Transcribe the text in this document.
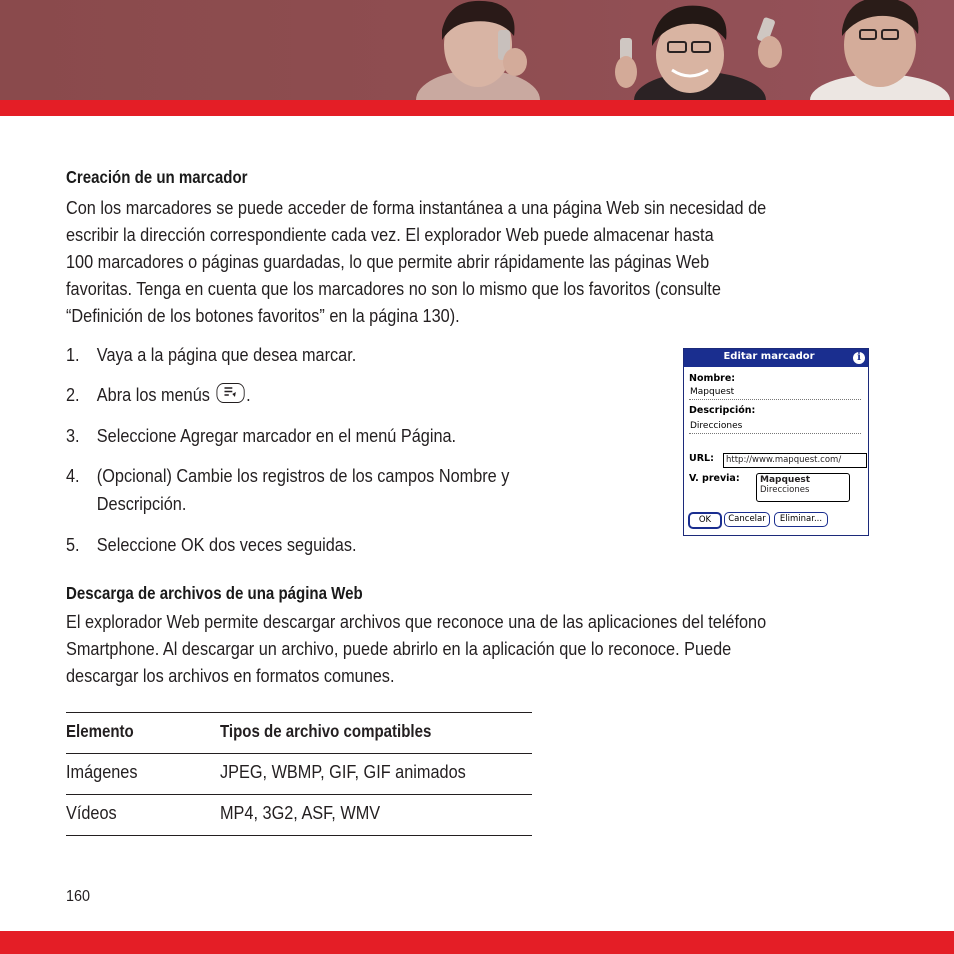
Creación de un marcador
Con los marcadores se puede acceder de forma instantánea a una página Web sin necesidad de
escribir la dirección correspondiente cada vez. El explorador Web puede almacenar hasta
100 marcadores o páginas guardadas, lo que permite abrir rápidamente las páginas Web
favoritas. Tenga en cuenta que los marcadores no son lo mismo que los favoritos (consulte
“Definición de los botones favoritos” en la página 130).
1. Vaya a la página que desea marcar.
2. Abra los menús .
3. Seleccione Agregar marcador en el menú Página.
4. (Opcional) Cambie los registros de los campos Nombre y
Descripción.
5. Seleccione OK dos veces seguidas.
Editar marcador	i
Nombre:
Mapquest
Descripción:
Direcciones
URL:	http://www.mapquest.com/
V. previa: Mapquest
Direcciones
OK	Cancelar	Eliminar...
Descarga de archivos de una página Web
El explorador Web permite descargar archivos que reconoce una de las aplicaciones del teléfono
Smartphone. Al descargar un archivo, puede abrirlo en la aplicación que lo reconoce. Puede
descargar los archivos en formatos comunes.
Elemento	Tipos de archivo compatibles
Imágenes	JPEG, WBMP, GIF, GIF animados
Vídeos	MP4, 3G2, ASF, WMV
160
